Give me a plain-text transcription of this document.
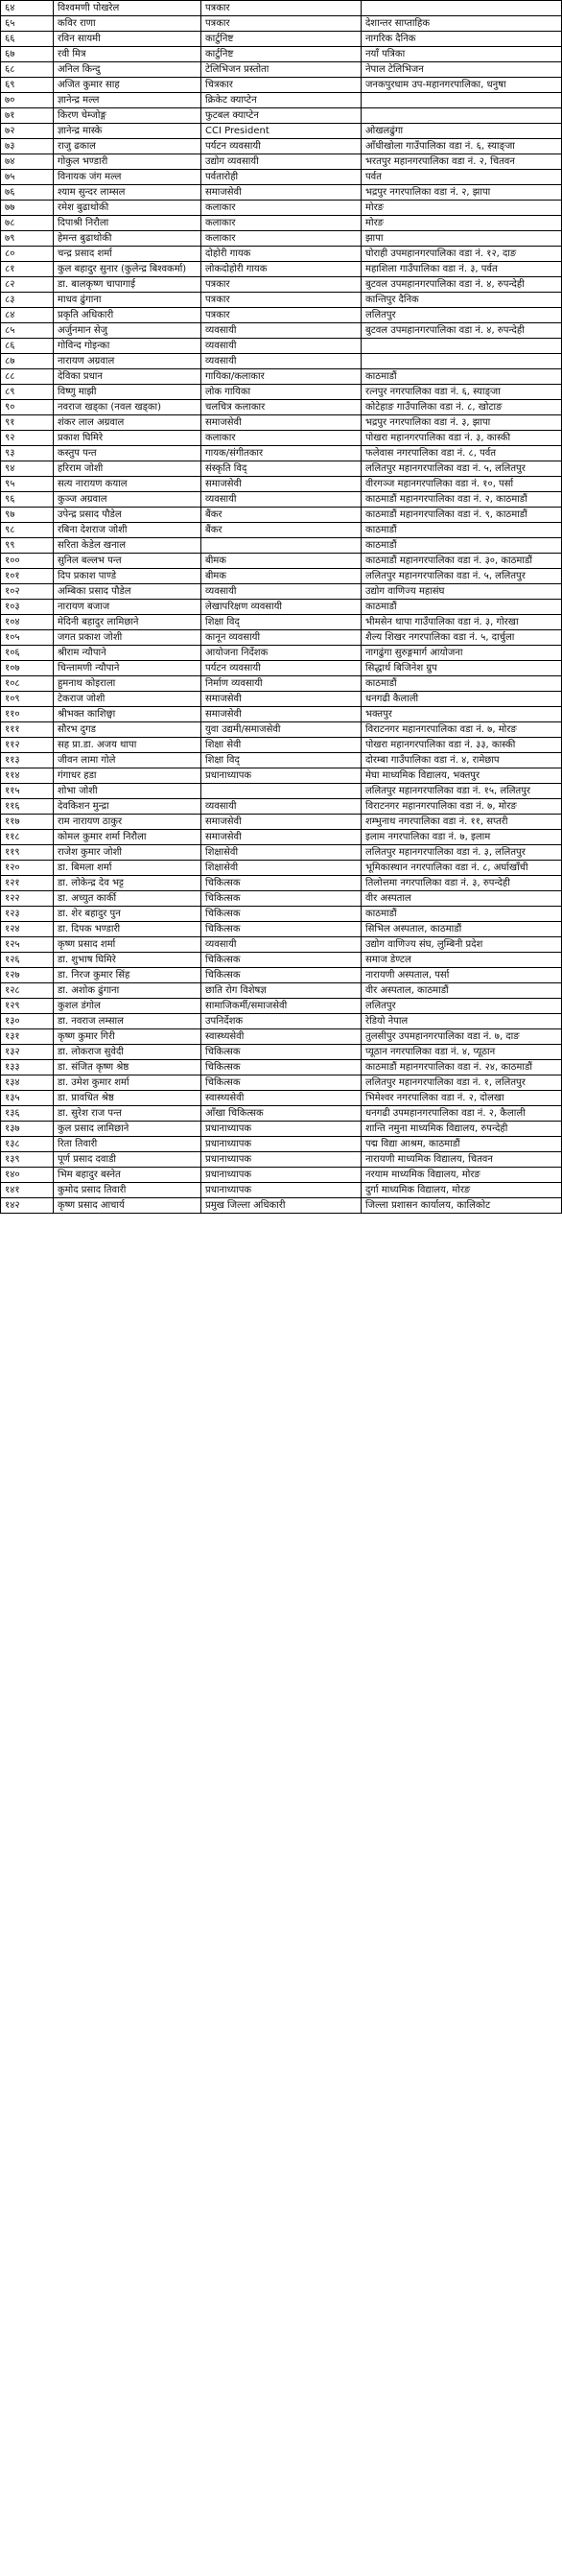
६४	विश्वमणी पोखरेल	पत्रकार	
६५	कविर राणा	पत्रकार	देशान्तर साप्ताहिक
६६	रविन सायमी	कार्टुनिष्ट	नागरिक दैनिक
६७	रवी मित्र	कार्टुनिष्ट	नयाँ पत्रिका
६८	अनिल किन्दु	टेलिभिजन प्रस्तोता	नेपाल टेलिभिजन
६९	अजित कुमार साह	चित्रकार	जनकपुरधाम उप-महानगरपालिका, धनुषा
७०	ज्ञानेन्द्र मल्ल	क्रिकेट क्याप्टेन	
७१	किरण चेम्जोङ्ग	फुटबल क्याप्टेन	
७२	ज्ञानेन्द्र मास्के	CCI President	ओखलढुंगा
७३	राजु ढकाल	पर्यटन व्यवसायी	आँधीखोला गाउँपालिका वडा नं. ६, स्याङ्जा
७४	गोकुल भण्डारी	उद्योग व्यवसायी	भरतपुर महानगरपालिका वडा नं. २, चितवन
७५	विनायक जंग मल्ल	पर्वतारोही	पर्वत
७६	श्याम सुन्दर लाम्सल	समाजसेवी	भद्रपुर नगरपालिका वडा नं. २, झापा
७७	रमेश बुढाथोकी	कलाकार	मोरङ
७८	दिपाश्री निरौला	कलाकार	मोरङ
७९	हेमन्त बुढाथोकी	कलाकार	झापा
८०	चन्द्र प्रसाद शर्मा	दोहोरी गायक	घोराही उपमहानगरपालिका वडा नं. १२, दाङ
८१	कुल बहादुर सुनार (कुलेन्द्र बिश्वकर्मा)	लोकदोहोरी गायक	महाशिला गाउँपालिका वडा नं. ३, पर्वत
८२	डा. बालकृष्ण चापागाई	पत्रकार	बुटवल उपमहानगरपालिका वडा नं. ४, रुपन्देही
८३	माधव ढुंगाना	पत्रकार	कान्तिपुर दैनिक
८४	प्रकृति अधिकारी	पत्रकार	ललितपुर
८५	अर्जुनमान सेजु	व्यवसायी	बुटवल उपमहानगरपालिका वडा नं. ४, रुपन्देही
८६	गोविन्द गोइन्का	व्यवसायी	
८७	नारायण अग्रवाल	व्यवसायी	
८८	देविका प्रधान	गायिका/कलाकार	काठमाडौं
८९	विष्णु माझी	लोक गायिका	रत्नपुर नगरपालिका वडा नं. ६, स्याङ्जा
९०	नवराज खड्का (नवल खड्का)	चलचित्र कलाकार	कोटेहाङ गाउँपालिका वडा नं. ८, खोटाङ
९१	शंकर लाल अग्रवाल	समाजसेवी	भद्रपुर नगरपालिका वडा नं. ३, झापा
९२	प्रकाश घिमिरे	कलाकार	पोखरा महानगरपालिका वडा नं. ३, कास्की
९३	कस्तुप पन्त	गायक/संगीतकार	फलेवास नगरपालिका वडा नं. ८, पर्वत
९४	हरिराम जोशी	संस्कृति विद्	ललितपुर महानगरपालिका वडा नं. ५, ललितपुर
९५	सत्य नारायण कयाल	समाजसेवी	वीरगञ्ज महानगरपालिका वडा नं. १०, पर्सा
९६	कुञ्ज अग्रवाल	व्यवसायी	काठमाडौं महानगरपालिका वडा नं. २, काठमाडौं
९७	उपेन्द्र प्रसाद पौडेल	बैंकर	काठमाडौं महानगरपालिका वडा नं. ९, काठमाडौं
९८	रबिना देशराज जोशी	बैंकर	काठमाडौं
९९	सरिता केडेल खनाल		काठमाडौं
१००	सुनिल बल्लभ पन्त	बीमक	काठमाडौं महानगरपालिका वडा नं. ३०, काठमाडौं
१०१	दिप प्रकाश पाण्डे	बीमक	ललितपुर महानगरपालिका वडा नं. ५, ललितपुर
१०२	अम्बिका प्रसाद पौडेल	व्यवसायी	उद्योग वाणिज्य महासंघ
१०३	नारायण बजाज	लेखापरिक्षण व्यवसायी	काठमाडौं
१०४	मेदिनी बहादुर लामिछाने	शिक्षा विद्	भीमसेन थापा गाउँपालिका वडा नं. ३, गोरखा
१०५	जगत प्रकाश जोशी	कानून व्यवसायी	शैल्य शिखर नगरपालिका वडा नं. ५, दार्चुला
१०६	श्रीराम न्यौपाने	आयोजना निर्देशक	नागढुंगा सुरुङ्गमार्ग आयोजना
१०७	चिन्तामणी न्यौपाने	पर्यटन व्यवसायी	सिद्धार्थ बिजिनेश ग्रुप
१०८	हुमनाथ कोइराला	निर्माण व्यवसायी	काठमाडौं
१०९	टेकराज जोशी	समाजसेवी	धनगढी कैलाली
११०	श्रीभक्त काशिछ्वा	समाजसेवी	भक्तपुर
१११	सौरभ दुगड	युवा उद्यमी/समाजसेवी	विराटनगर महानगरपालिका वडा नं. ७, मोरङ
११२	सह प्रा.डा. अजय थापा	शिक्षा सेवी	पोखरा महानगरपालिका वडा नं. ३३, कास्की
११३	जीवन लामा गोले	शिक्षा विद्	दोरम्बा गाउँपालिका वडा नं. ४, रामेछाप
११४	गंगाधर हडा	प्रधानाध्यापक	मेघा माध्यमिक विद्यालय, भक्तपुर
११५	शोभा जोशी		ललितपुर महानगरपालिका वडा नं. १५, ललितपुर
११६	देवकिशन मुन्द्रा	व्यवसायी	विराटनगर महानगरपालिका वडा नं. ७, मोरङ
११७	राम नारायण ठाकुर	समाजसेवी	शम्भुनाथ नगरपालिका वडा नं. ११, सप्तरी
११८	कोमल कुमार शर्मा निरौला	समाजसेवी	इलाम नगरपालिका वडा नं. ७, इलाम
११९	राजेश कुमार जोशी	शिक्षासेवी	ललितपुर महानगरपालिका वडा नं. ३, ललितपुर
१२०	डा. बिमला शर्मा	शिक्षासेवी	भूमिकास्थान नगरपालिका वडा नं. ८, अर्घाखाँची
१२१	डा. लोकेन्द्र देव भट्ट	चिकित्सक	तिलोत्तमा नगरपालिका वडा नं. ३, रुपन्देही
१२२	डा. अच्युत कार्की	चिकित्सक	वीर अस्पताल
१२३	डा. शेर बहादुर पुन	चिकित्सक	काठमाडौं
१२४	डा. दिपक भण्डारी	चिकित्सक	सिभिल अस्पताल, काठमाडौं
१२५	कृष्ण प्रसाद शर्मा	व्यवसायी	उद्योग वाणिज्य संघ, लुम्बिनी प्रदेश
१२६	डा. शुभाष घिमिरे	चिकित्सक	समाज डेण्टल
१२७	डा. निरज कुमार सिंह	चिकित्सक	नारायणी अस्पताल, पर्सा
१२८	डा. अशोक ढुंगाना	छाति रोग विशेषज्ञ	वीर अस्पताल, काठमाडौं
१२९	कुशल डंगोल	सामाजिकर्मी/समाजसेवी	ललितपुर
१३०	डा. नवराज लम्साल	उपनिर्देशक	रेडियो नेपाल
१३१	कृष्ण कुमार गिरी	स्वास्थ्यसेवी	तुलसीपुर उपमहानगरपालिका वडा नं. ७, दाङ
१३२	डा. लोकराज सुवेदी	चिकित्सक	प्यूठान नगरपालिका वडा नं. ४, प्यूठान
१३३	डा. संजित कृष्ण श्रेष्ठ	चिकित्सक	काठमाडौं महानगरपालिका वडा नं. २४, काठमाडौं
१३४	डा. उमेश कुमार शर्मा	चिकित्सक	ललितपुर महानगरपालिका वडा नं. १, ललितपुर
१३५	डा. प्रावधित श्रेष्ठ	स्वास्थ्यसेवी	भिमेश्वर नगरपालिका वडा नं. २, दोलखा
१३६	डा. सुरेश राज पन्त	आँखा चिकित्सक	धनगढी उपमहानगरपालिका वडा नं. २, कैलाली
१३७	कुल प्रसाद लामिछाने	प्रधानाध्यापक	शान्ति नमुना माध्यमिक विद्यालय, रुपन्देही
१३८	रिता तिवारी	प्रधानाध्यापक	पद्म विद्या आश्रम, काठमाडौं
१३९	पूर्ण प्रसाद दवाडी	प्रधानाध्यापक	नारायणी माध्यमिक विद्यालय, चितवन
१४०	भिम बहादुर बस्नेत	प्रधानाध्यापक	नरयाम माध्यमिक विद्यालय, मोरङ
१४१	कुमोद प्रसाद तिवारी	प्रधानाध्यापक	दुर्गा माध्यमिक विद्यालय, मोरङ
१४२	कृष्ण प्रसाद आचार्य	प्रमुख जिल्ला अधिकारी	जिल्ला प्रशासन कार्यालय, कालिकोट
